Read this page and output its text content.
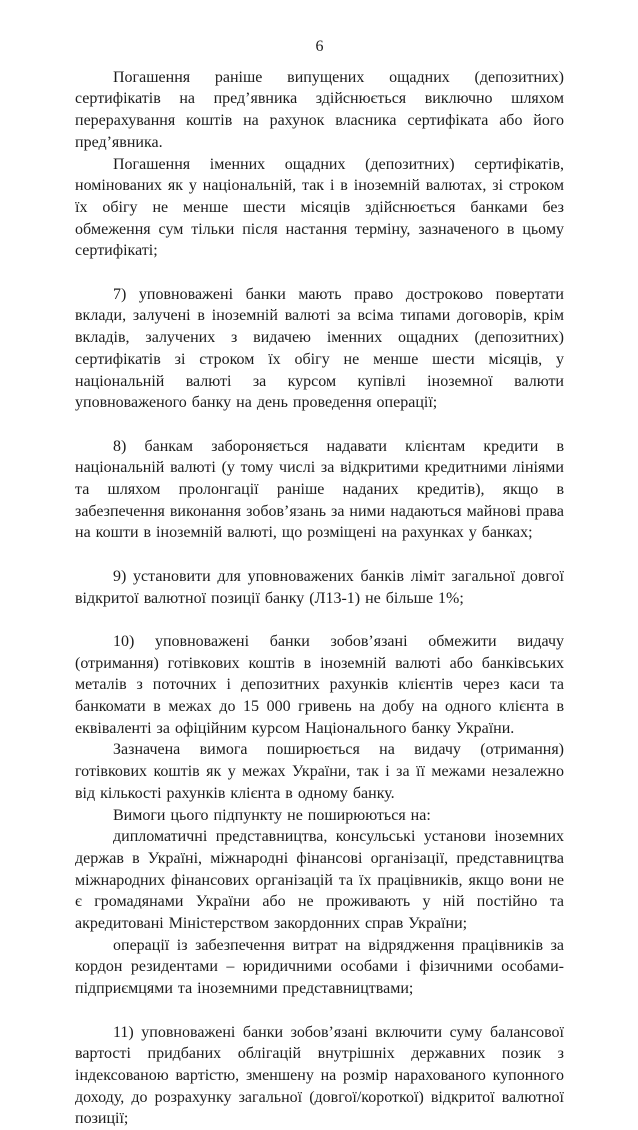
6

Погашення раніше випущених ощадних (депозитних) сертифікатів на пред’явника здійснюється виключно шляхом перерахування коштів на рахунок власника сертифіката або його пред’явника.

Погашення іменних ощадних (депозитних) сертифікатів, номінованих як у національній, так і в іноземній валютах, зі строком їх обігу не менше шести місяців здійснюється банками без обмеження сум тільки після настання терміну, зазначеного в цьому сертифікаті;

7) уповноважені банки мають право достроково повертати вклади, залучені в іноземній валюті за всіма типами договорів, крім вкладів, залучених з видачею іменних ощадних (депозитних) сертифікатів зі строком їх обігу не менше шести місяців, у національній валюті за курсом купівлі іноземної валюти уповноваженого банку на день проведення операції;

8) банкам забороняється надавати клієнтам кредити в національній валюті (у тому числі за відкритими кредитними лініями та шляхом пролонгації раніше наданих кредитів), якщо в забезпечення виконання зобов’язань за ними надаються майнові права на кошти в іноземній валюті, що розміщені на рахунках у банках;

9) установити для уповноважених банків ліміт загальної довгої відкритої валютної позиції банку (Л13-1) не більше 1%;

10) уповноважені банки зобов’язані обмежити видачу (отримання) готівкових коштів в іноземній валюті або банківських металів з поточних і депозитних рахунків клієнтів через каси та банкомати в межах до 15 000 гривень на добу на одного клієнта в еквіваленті за офіційним курсом Національного банку України.

Зазначена вимога поширюється на видачу (отримання) готівкових коштів як у межах України, так і за її межами незалежно від кількості рахунків клієнта в одному банку.

Вимоги цього підпункту не поширюються на:

дипломатичні представництва, консульські установи іноземних держав в Україні, міжнародні фінансові організації, представництва міжнародних фінансових організацій та їх працівників, якщо вони не є громадянами України або не проживають у ній постійно та акредитовані Міністерством закордонних справ України;

операції із забезпечення витрат на відрядження працівників за кордон резидентами – юридичними особами і фізичними особами-підприємцями та іноземними представництвами;

11) уповноважені банки зобов’язані включити суму балансової вартості придбаних облігацій внутрішніх державних позик з індексованою вартістю, зменшену на розмір нарахованого купонного доходу, до розрахунку загальної (довгої/короткої) відкритої валютної позиції;
